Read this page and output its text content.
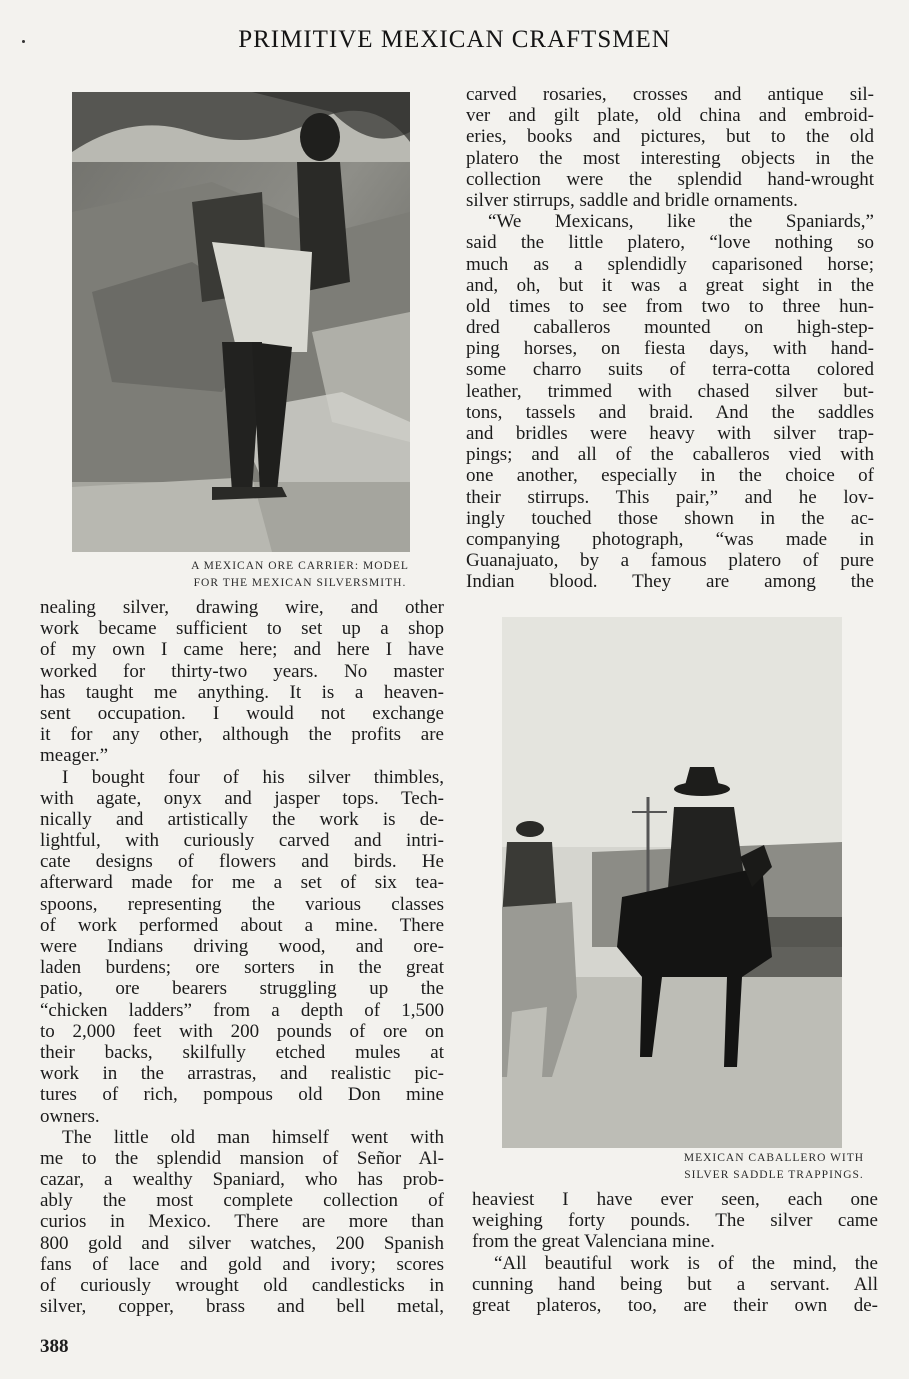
PRIMITIVE MEXICAN CRAFTSMEN
A MEXICAN ORE CARRIER: MODEL
FOR THE MEXICAN SILVERSMITH.
carved rosaries, crosses and antique sil-
ver and gilt plate, old china and embroid-
eries, books and pictures, but to the old
platero the most interesting objects in the
collection were the splendid hand-wrought
silver stirrups, saddle and bridle ornaments.
“We Mexicans, like the Spaniards,”
said the little platero, “love nothing so
much as a splendidly caparisoned horse;
and, oh, but it was a great sight in the
old times to see from two to three hun-
dred caballeros mounted on high-step-
ping horses, on fiesta days, with hand-
some charro suits of terra-cotta colored
leather, trimmed with chased silver but-
tons, tassels and braid. And the saddles
and bridles were heavy with silver trap-
pings; and all of the caballeros vied with
one another, especially in the choice of
their stirrups. This pair,” and he lov-
ingly touched those shown in the ac-
companying photograph, “was made in
Guanajuato, by a famous platero of pure
Indian blood. They are among the
nealing silver, drawing wire, and other
work became sufficient to set up a shop
of my own I came here; and here I have
worked for thirty-two years. No master
has taught me anything. It is a heaven-
sent occupation. I would not exchange
it for any other, although the profits are
meager.”
I bought four of his silver thimbles,
with agate, onyx and jasper tops. Tech-
nically and artistically the work is de-
lightful, with curiously carved and intri-
cate designs of flowers and birds. He
afterward made for me a set of six tea-
spoons, representing the various classes
of work performed about a mine. There
were Indians driving wood, and ore-
laden burdens; ore sorters in the great
patio, ore bearers struggling up the
“chicken ladders” from a depth of 1,500
to 2,000 feet with 200 pounds of ore on
their backs, skilfully etched mules at
work in the arrastras, and realistic pic-
tures of rich, pompous old Don mine
owners.
The little old man himself went with
me to the splendid mansion of Señor Al-
cazar, a wealthy Spaniard, who has prob-
ably the most complete collection of
curios in Mexico. There are more than
800 gold and silver watches, 200 Spanish
fans of lace and gold and ivory; scores
of curiously wrought old candlesticks in
silver, copper, brass and bell metal,
MEXICAN CABALLERO WITH
SILVER SADDLE TRAPPINGS.
heaviest I have ever seen, each one
weighing forty pounds. The silver came
from the great Valenciana mine.
“All beautiful work is of the mind, the
cunning hand being but a servant. All
great plateros, too, are their own de-
388
